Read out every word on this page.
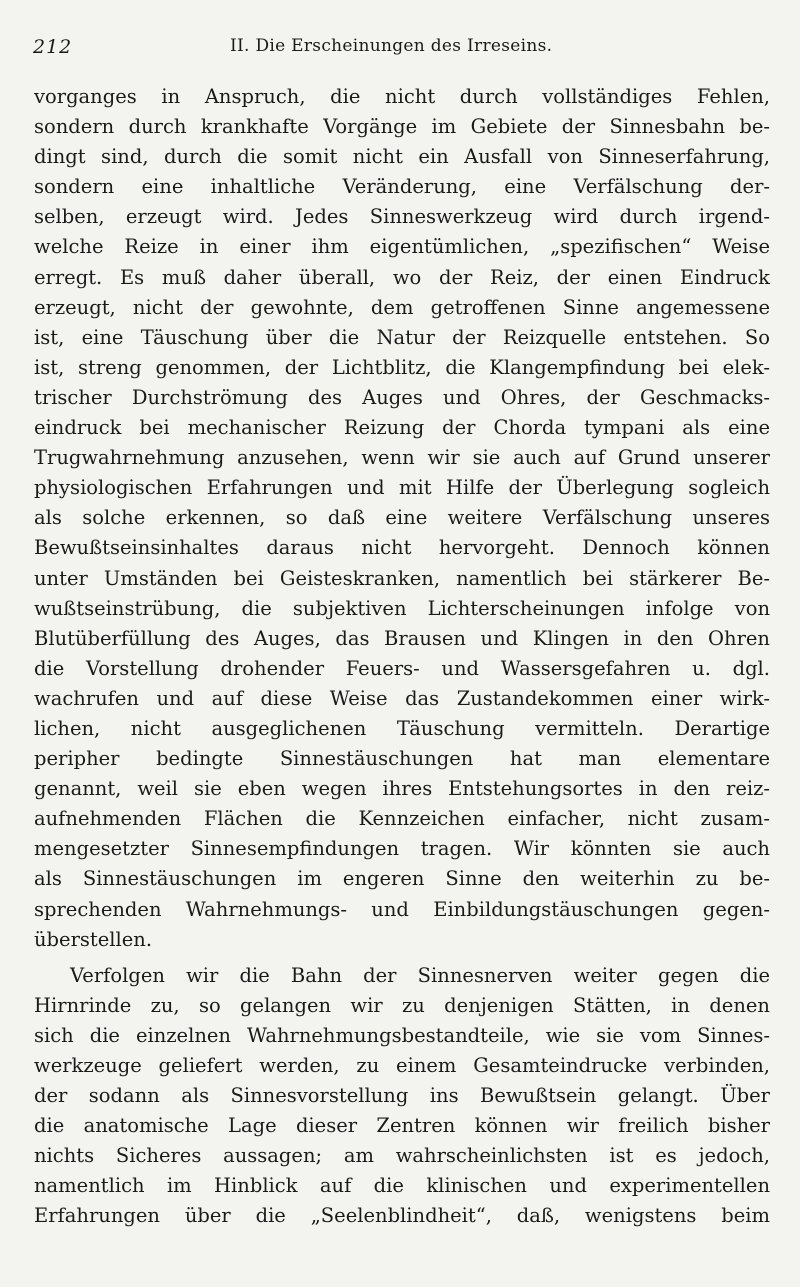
212	II. Die Erscheinungen des Irreseins.
vorganges in Anspruch, die nicht durch vollständiges Fehlen,
sondern durch krankhafte Vorgänge im Gebiete der Sinnesbahn be-
dingt sind, durch die somit nicht ein Ausfall von Sinneserfahrung,
sondern eine inhaltliche Veränderung, eine Verfälschung der-
selben, erzeugt wird. Jedes Sinneswerkzeug wird durch irgend-
welche Reize in einer ihm eigentümlichen, „spezifischen“ Weise
erregt. Es muß daher überall, wo der Reiz, der einen Eindruck
erzeugt, nicht der gewohnte, dem getroffenen Sinne angemessene
ist, eine Täuschung über die Natur der Reizquelle entstehen. So
ist, streng genommen, der Lichtblitz, die Klangempfindung bei elek-
trischer Durchströmung des Auges und Ohres, der Geschmacks-
eindruck bei mechanischer Reizung der Chorda tympani als eine
Trugwahrnehmung anzusehen, wenn wir sie auch auf Grund unserer
physiologischen Erfahrungen und mit Hilfe der Überlegung sogleich
als solche erkennen, so daß eine weitere Verfälschung unseres
Bewußtseinsinhaltes daraus nicht hervorgeht. Dennoch können
unter Umständen bei Geisteskranken, namentlich bei stärkerer Be-
wußtseinstrübung, die subjektiven Lichterscheinungen infolge von
Blutüberfüllung des Auges, das Brausen und Klingen in den Ohren
die Vorstellung drohender Feuers- und Wassersgefahren u. dgl.
wachrufen und auf diese Weise das Zustandekommen einer wirk-
lichen, nicht ausgeglichenen Täuschung vermitteln. Derartige
peripher bedingte Sinnestäuschungen hat man elementare
genannt, weil sie eben wegen ihres Entstehungsortes in den reiz-
aufnehmenden Flächen die Kennzeichen einfacher, nicht zusam-
mengesetzter Sinnesempfindungen tragen. Wir könnten sie auch
als Sinnestäuschungen im engeren Sinne den weiterhin zu be-
sprechenden Wahrnehmungs- und Einbildungstäuschungen gegen-
überstellen.
Verfolgen wir die Bahn der Sinnesnerven weiter gegen die
Hirnrinde zu, so gelangen wir zu denjenigen Stätten, in denen
sich die einzelnen Wahrnehmungsbestandteile, wie sie vom Sinnes-
werkzeuge geliefert werden, zu einem Gesamteindrucke verbinden,
der sodann als Sinnesvorstellung ins Bewußtsein gelangt. Über
die anatomische Lage dieser Zentren können wir freilich bisher
nichts Sicheres aussagen; am wahrscheinlichsten ist es jedoch,
namentlich im Hinblick auf die klinischen und experimentellen
Erfahrungen über die „Seelenblindheit“, daß, wenigstens beim
